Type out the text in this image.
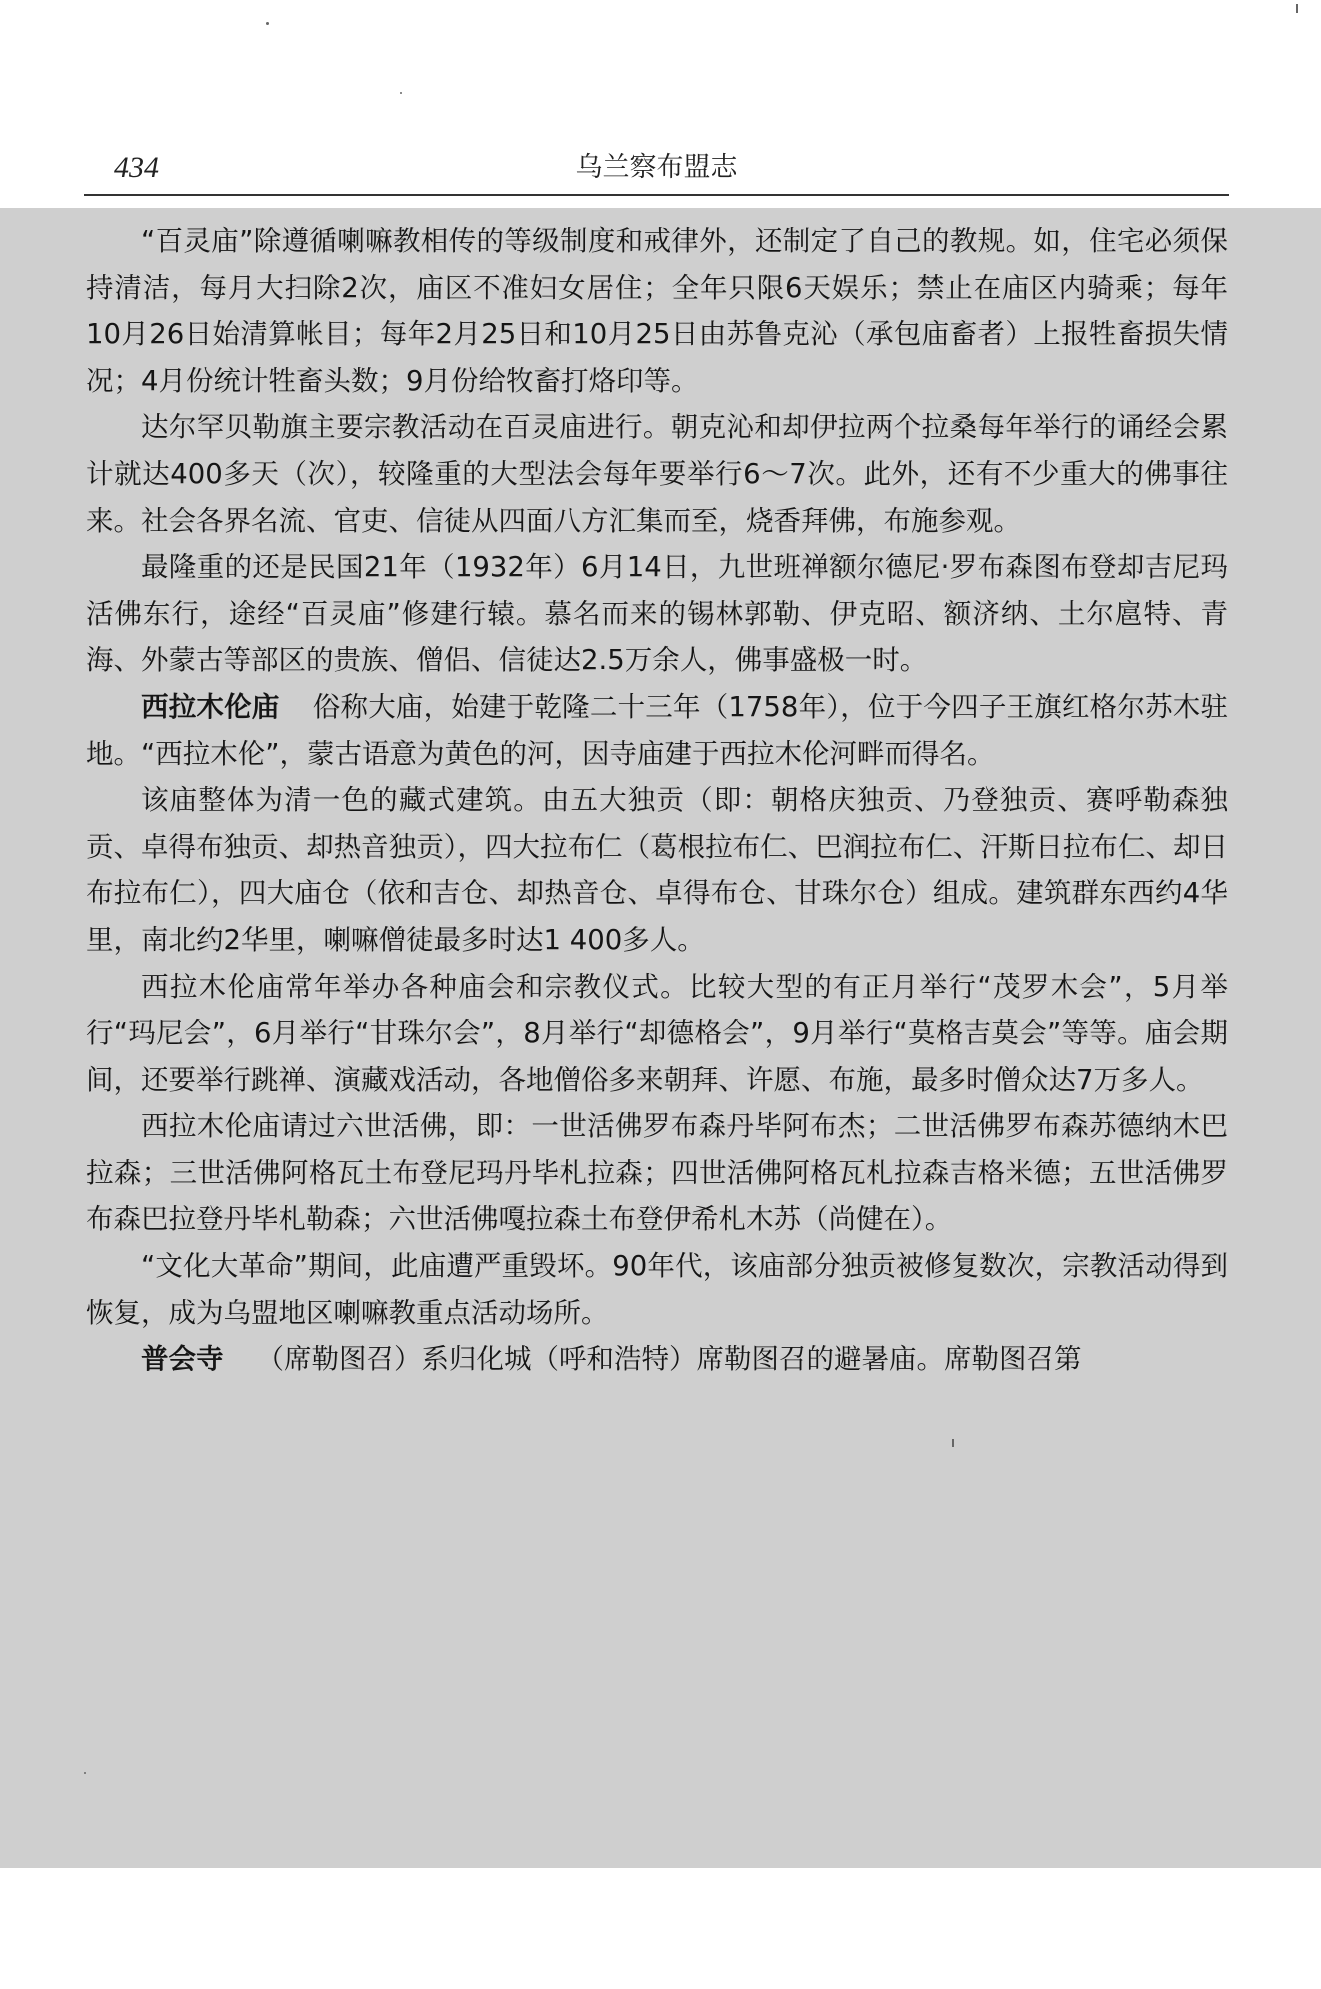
434	乌兰察布盟志

“百灵庙”除遵循喇嘛教相传的等级制度和戒律外，还制定了自己的教规。如，住宅必须保持清洁，每月大扫除2次，庙区不准妇女居住；全年只限6天娱乐；禁止在庙区内骑乘；每年10月26日始清算帐目；每年2月25日和10月25日由苏鲁克沁（承包庙畜者）上报牲畜损失情况；4月份统计牲畜头数；9月份给牧畜打烙印等。

达尔罕贝勒旗主要宗教活动在百灵庙进行。朝克沁和却伊拉两个拉桑每年举行的诵经会累计就达400多天（次），较隆重的大型法会每年要举行6～7次。此外，还有不少重大的佛事往来。社会各界名流、官吏、信徒从四面八方汇集而至，烧香拜佛，布施参观。

最隆重的还是民国21年（1932年）6月14日，九世班禅额尔德尼·罗布森图布登却吉尼玛活佛东行，途经“百灵庙”修建行辕。慕名而来的锡林郭勒、伊克昭、额济纳、土尔扈特、青海、外蒙古等部区的贵族、僧侣、信徒达2.5万余人，佛事盛极一时。

西拉木伦庙 俗称大庙，始建于乾隆二十三年（1758年），位于今四子王旗红格尔苏木驻地。“西拉木伦”，蒙古语意为黄色的河，因寺庙建于西拉木伦河畔而得名。

该庙整体为清一色的藏式建筑。由五大独贡（即：朝格庆独贡、乃登独贡、赛呼勒森独贡、卓得布独贡、却热音独贡），四大拉布仁（葛根拉布仁、巴润拉布仁、汗斯日拉布仁、却日布拉布仁），四大庙仓（依和吉仓、却热音仓、卓得布仓、甘珠尔仓）组成。建筑群东西约4华里，南北约2华里，喇嘛僧徒最多时达1 400多人。

西拉木伦庙常年举办各种庙会和宗教仪式。比较大型的有正月举行“茂罗木会”，5月举行“玛尼会”，6月举行“甘珠尔会”，8月举行“却德格会”，9月举行“莫格吉莫会”等等。庙会期间，还要举行跳禅、演藏戏活动，各地僧俗多来朝拜、许愿、布施，最多时僧众达7万多人。

西拉木伦庙请过六世活佛，即：一世活佛罗布森丹毕阿布杰；二世活佛罗布森苏德纳木巴拉森；三世活佛阿格瓦土布登尼玛丹毕札拉森；四世活佛阿格瓦札拉森吉格米德；五世活佛罗布森巴拉登丹毕札勒森；六世活佛嘎拉森土布登伊希札木苏（尚健在）。

“文化大革命”期间，此庙遭严重毁坏。90年代，该庙部分独贡被修复数次，宗教活动得到恢复，成为乌盟地区喇嘛教重点活动场所。

普会寺 （席勒图召）系归化城（呼和浩特）席勒图召的避暑庙。席勒图召第
